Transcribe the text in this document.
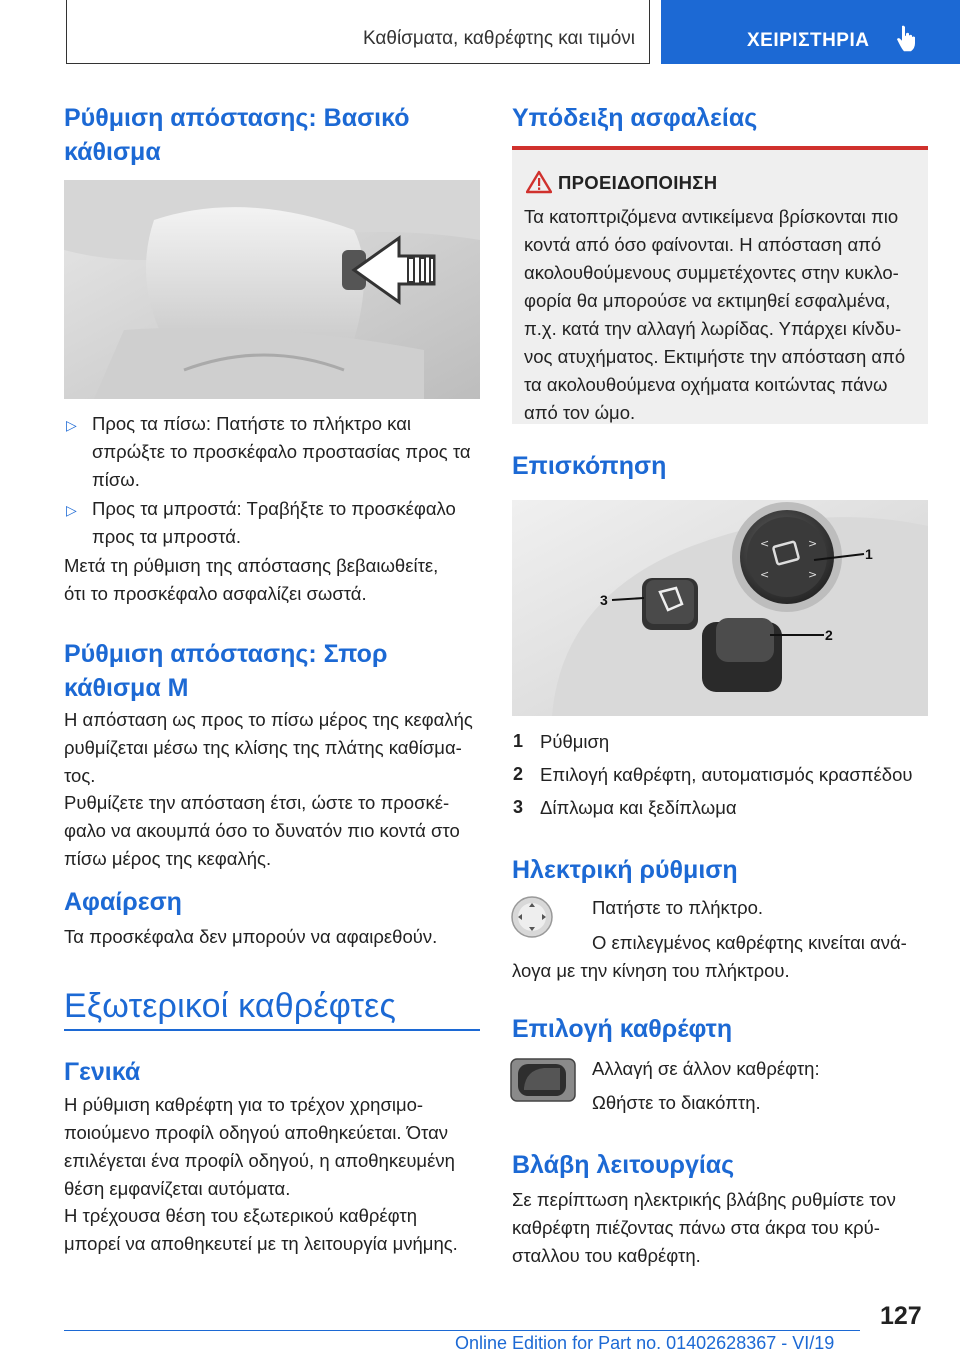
Καθίσματα, καθρέφτης και τιμόνι	ΧΕΙΡΙΣΤΗΡΙΑ
Ρύθμιση απόστασης: Βασικό
κάθισμα
▷ Προς τα πίσω: Πατήστε το πλήκτρο και
σπρώξτε το προσκέφαλο προστασίας προς τα
πίσω.
▷ Προς τα μπροστά: Τραβήξτε το προσκέφαλο
προς τα μπροστά.
Μετά τη ρύθμιση της απόστασης βεβαιωθείτε,
ότι το προσκέφαλο ασφαλίζει σωστά.
Ρύθμιση απόστασης: Σπορ
κάθισμα M
Η απόσταση ως προς το πίσω μέρος της κεφαλής
ρυθμίζεται μέσω της κλίσης της πλάτης καθίσμα-
τος.
Ρυθμίζετε την απόσταση έτσι, ώστε το προσκέ-
φαλο να ακουμπά όσο το δυνατόν πιο κοντά στο
πίσω μέρος της κεφαλής.
Αφαίρεση
Τα προσκέφαλα δεν μπορούν να αφαιρεθούν.
Εξωτερικοί καθρέφτες
Γενικά
Η ρύθμιση καθρέφτη για το τρέχον χρησιμο-
ποιούμενο προφίλ οδηγού αποθηκεύεται. Όταν
επιλέγεται ένα προφίλ οδηγού, η αποθηκευμένη
θέση εμφανίζεται αυτόματα.
Η τρέχουσα θέση του εξωτερικού καθρέφτη
μπορεί να αποθηκευτεί με τη λειτουργία μνήμης.
Υπόδειξη ασφαλείας
ΠΡΟΕΙΔΟΠΟΙΗΣΗ
Τα κατοπτριζόμενα αντικείμενα βρίσκονται πιο
κοντά από όσο φαίνονται. Η απόσταση από
ακολουθούμενους συμμετέχοντες στην κυκλο-
φορία θα μπορούσε να εκτιμηθεί εσφαλμένα,
π.χ. κατά την αλλαγή λωρίδας. Υπάρχει κίνδυ-
νος ατυχήματος. Εκτιμήστε την απόσταση από
τα ακολουθούμενα οχήματα κοιτώντας πάνω
από τον ώμο.
Επισκόπηση
<	>
<	>
1
2
3
1 Ρύθμιση
2 Επιλογή καθρέφτη, αυτοματισμός κρασπέδου
3 Δίπλωμα και ξεδίπλωμα
Ηλεκτρική ρύθμιση
Πατήστε το πλήκτρο.
Ο επιλεγμένος καθρέφτης κινείται ανά-
λογα με την κίνηση του πλήκτρου.
Επιλογή καθρέφτη
Αλλαγή σε άλλον καθρέφτη:
Ωθήστε το διακόπτη.
Βλάβη λειτουργίας
Σε περίπτωση ηλεκτρικής βλάβης ρυθμίστε τον
καθρέφτη πιέζοντας πάνω στα άκρα του κρύ-
σταλλου του καθρέφτη.
127
Online Edition for Part no. 01402628367 - VI/19
